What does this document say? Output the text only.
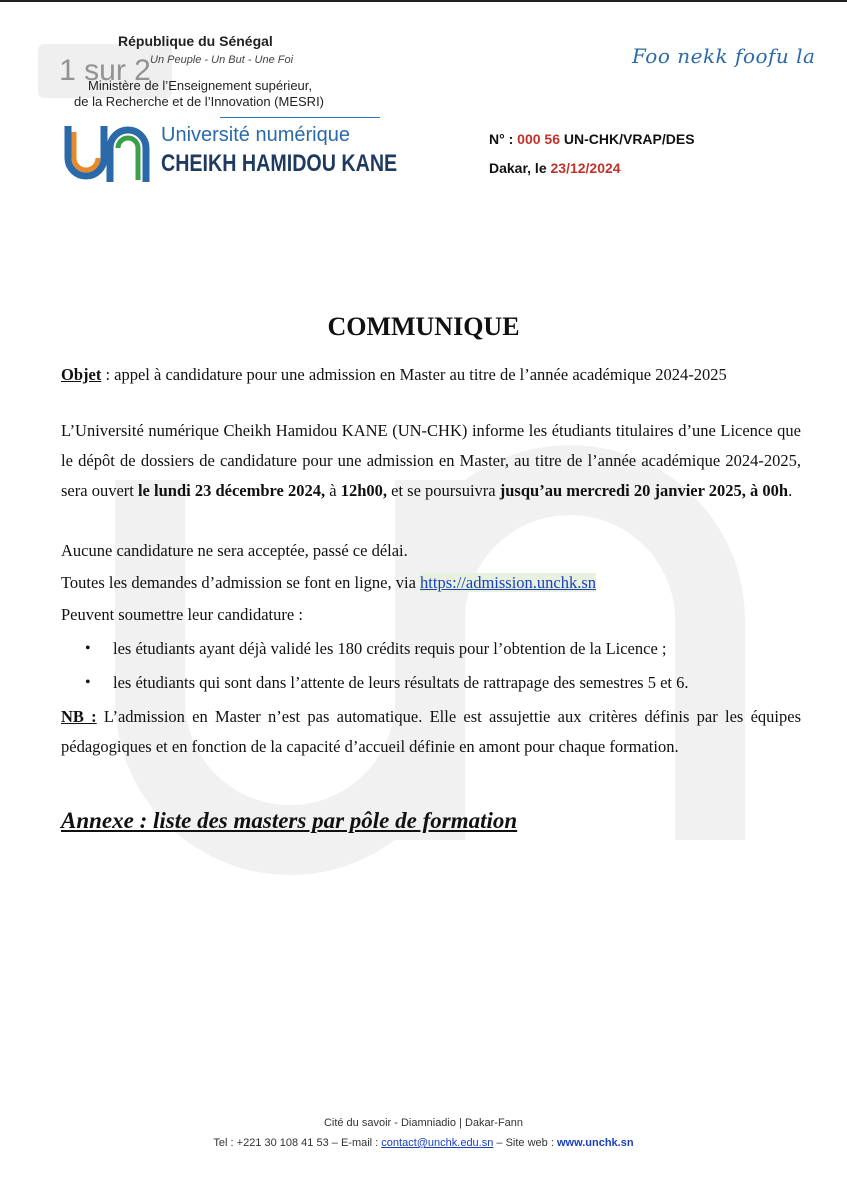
1 sur 2
République du Sénégal
Un Peuple - Un But - Une Foi
Ministère de l’Enseignement supérieur,
de la Recherche et de l’Innovation (MESRI)
Foo nekk foofu la
Université numérique
CHEIKH HAMIDOU KANE
N° : 000 56 UN-CHK/VRAP/DES
Dakar, le 23/12/2024
COMMUNIQUE
Objet : appel à candidature pour une admission en Master au titre de l’année académique 2024-2025
L’Université numérique Cheikh Hamidou KANE (UN-CHK) informe les étudiants titulaires d’une Licence que le dépôt de dossiers de candidature pour une admission en Master, au titre de l’année académique 2024-2025, sera ouvert le lundi 23 décembre 2024, à 12h00, et se poursuivra jusqu’au mercredi 20 janvier 2025, à 00h.
Aucune candidature ne sera acceptée, passé ce délai.
Toutes les demandes d’admission se font en ligne, via https://admission.unchk.sn
Peuvent soumettre leur candidature :
• les étudiants ayant déjà validé les 180 crédits requis pour l’obtention de la Licence ;
• les étudiants qui sont dans l’attente de leurs résultats de rattrapage des semestres 5 et 6.
NB : L’admission en Master n’est pas automatique. Elle est assujettie aux critères définis par les équipes pédagogiques et en fonction de la capacité d’accueil définie en amont pour chaque formation.
Annexe : liste des masters par pôle de formation
Cité du savoir - Diamniadio | Dakar-Fann
Tel : +221 30 108 41 53 – E-mail : contact@unchk.edu.sn – Site web : www.unchk.sn
